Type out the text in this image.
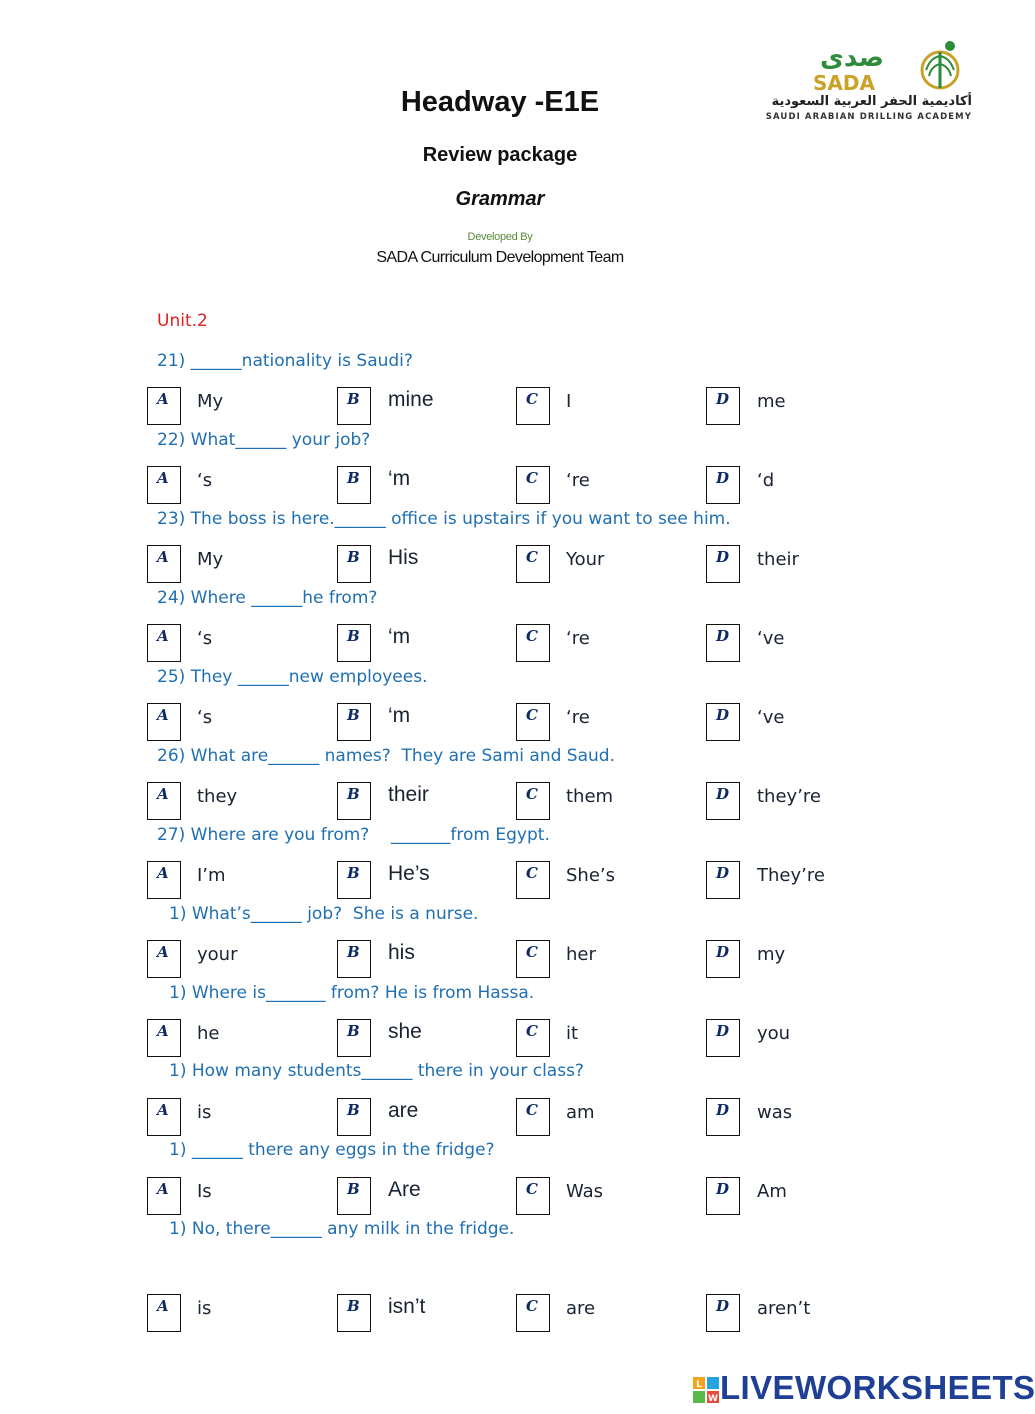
Headway -E1E
Review package
Grammar
Developed By
SADA Curriculum Development Team
صدى
SADA
أكاديمية الحفر العربية السعودية
SAUDI ARABIAN DRILLING ACADEMY
Unit.2
21) ______nationality is Saudi?
A My	B mine	C I	D me
22) What______ your job?
A ‘s	B ‘m	C ‘re	D ‘d
23) The boss is here.______ office is upstairs if you want to see him.
A My	B His	C Your	D their
24) Where ______he from?
A ‘s	B ‘m	C ‘re	D ‘ve
25) They ______new employees.
A ‘s	B ‘m	C ‘re	D ‘ve
26) What are______ names?  They are Sami and Saud.
A they	B their	C them	D they’re
27) Where are you from?    _______from Egypt.
A I’m	B He’s	C She’s	D They’re
1) What’s______ job?  She is a nurse.
A your	B his	C her	D my
1) Where is_______ from? He is from Hassa.
A he	B she	C it	D you
1) How many students______ there in your class?
A is	B are	C am	D was
1) ______ there any eggs in the fridge?
A Is	B Are	C Was	D Am
1) No, there______ any milk in the fridge.
A is	B isn’t	C are	D aren’t
L
W LIVEWORKSHEETS
